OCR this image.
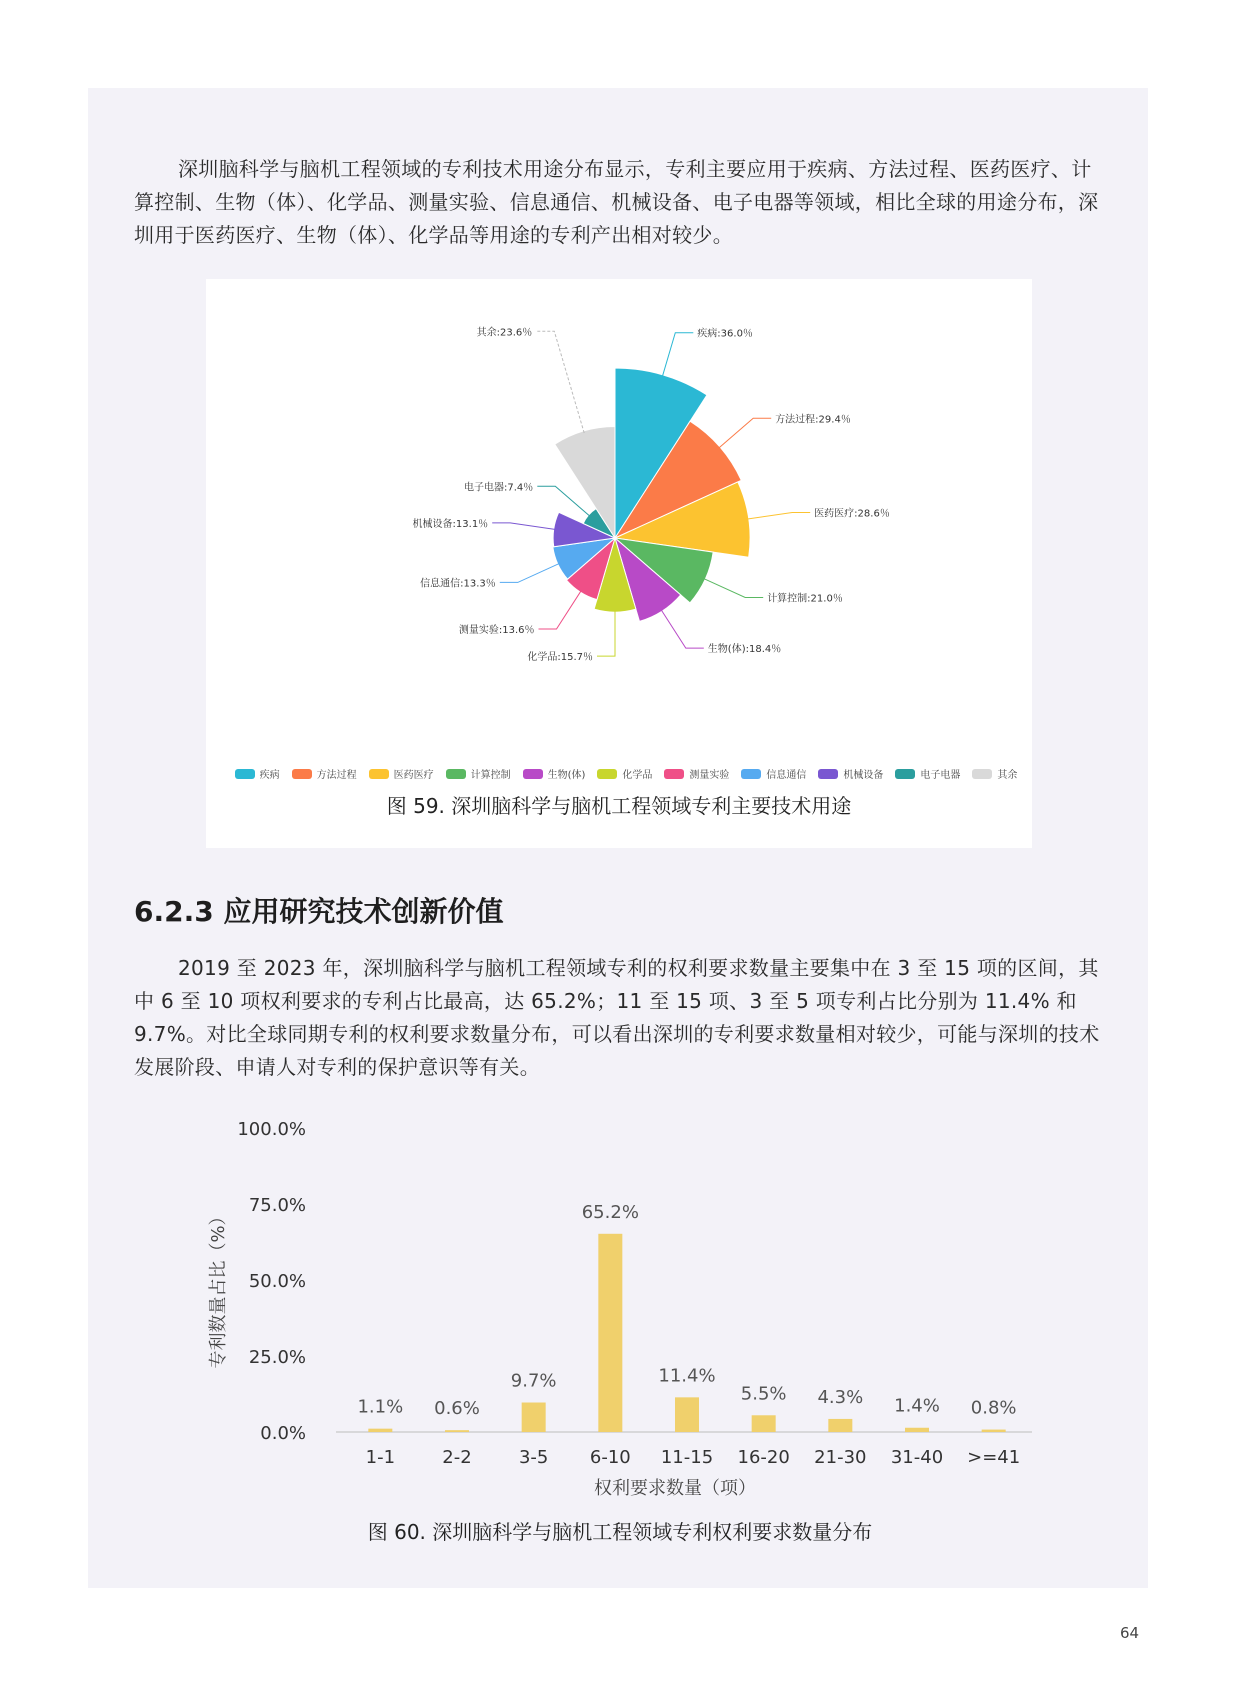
深圳脑科学与脑机工程领域的专利技术用途分布显示，专利主要应用于疾病、方法过程、医药医疗、计算控制、生物（体）、化学品、测量实验、信息通信、机械设备、电子电器等领域，相比全球的用途分布，深圳用于医药医疗、生物（体）、化学品等用途的专利产出相对较少。

疾病:36.0％
方法过程:29.4％
医药医疗:28.6％
计算控制:21.0％
生物(体):18.4％
化学品:15.7％
测量实验:13.6％
信息通信:13.3％
机械设备:13.1％
电子电器:7.4％
其余:23.6％
疾病	方法过程	医药医疗	计算控制	生物(体)	化学品	测量实验	信息通信	机械设备	电子电器	其余

图 59. 深圳脑科学与脑机工程领域专利主要技术用途

6.2.3 应用研究技术创新价值

2019 至 2023 年，深圳脑科学与脑机工程领域专利的权利要求数量主要集中在 3 至 15 项的区间，其中 6 至 10 项权利要求的专利占比最高，达 65.2%；11 至 15 项、3 至 5 项专利占比分别为 11.4% 和 9.7%。对比全球同期专利的权利要求数量分布，可以看出深圳的专利要求数量相对较少，可能与深圳的技术发展阶段、申请人对专利的保护意识等有关。

0.0%
25.0%
50.0%
75.0%
100.0%
1.1%
1-1
0.6%
2-2
9.7%
3-5
65.2%
6-10
11.4%
11-15
5.5%
16-20
4.3%
21-30
1.4%
31-40
0.8%
>=41
权利要求数量（项）
专利数量占比（%）

图 60. 深圳脑科学与脑机工程领域专利权利要求数量分布

64
